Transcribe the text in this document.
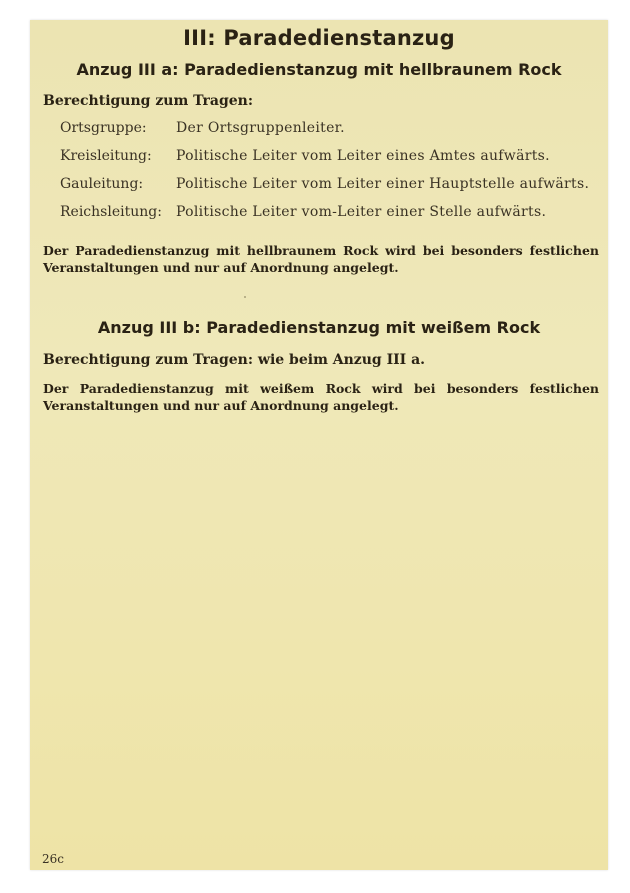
III: Paradedienstanzug
Anzug III a: Paradedienstanzug mit hellbraunem Rock
Berechtigung zum Tragen:
Ortsgruppe: Der Ortsgruppenleiter.
Kreisleitung: Politische Leiter vom Leiter eines Amtes aufwärts.
Gauleitung: Politische Leiter vom Leiter einer Hauptstelle aufwärts.
Reichsleitung: Politische Leiter vom-Leiter einer Stelle aufwärts.
Der Paradedienstanzug mit hellbraunem Rock wird bei besonders festlichen Veranstaltungen und nur auf Anordnung angelegt.
Anzug III b: Paradedienstanzug mit weißem Rock
Berechtigung zum Tragen: wie beim Anzug III a.
Der Paradedienstanzug mit weißem Rock wird bei besonders festlichen Veranstaltungen und nur auf Anordnung angelegt.
26c
